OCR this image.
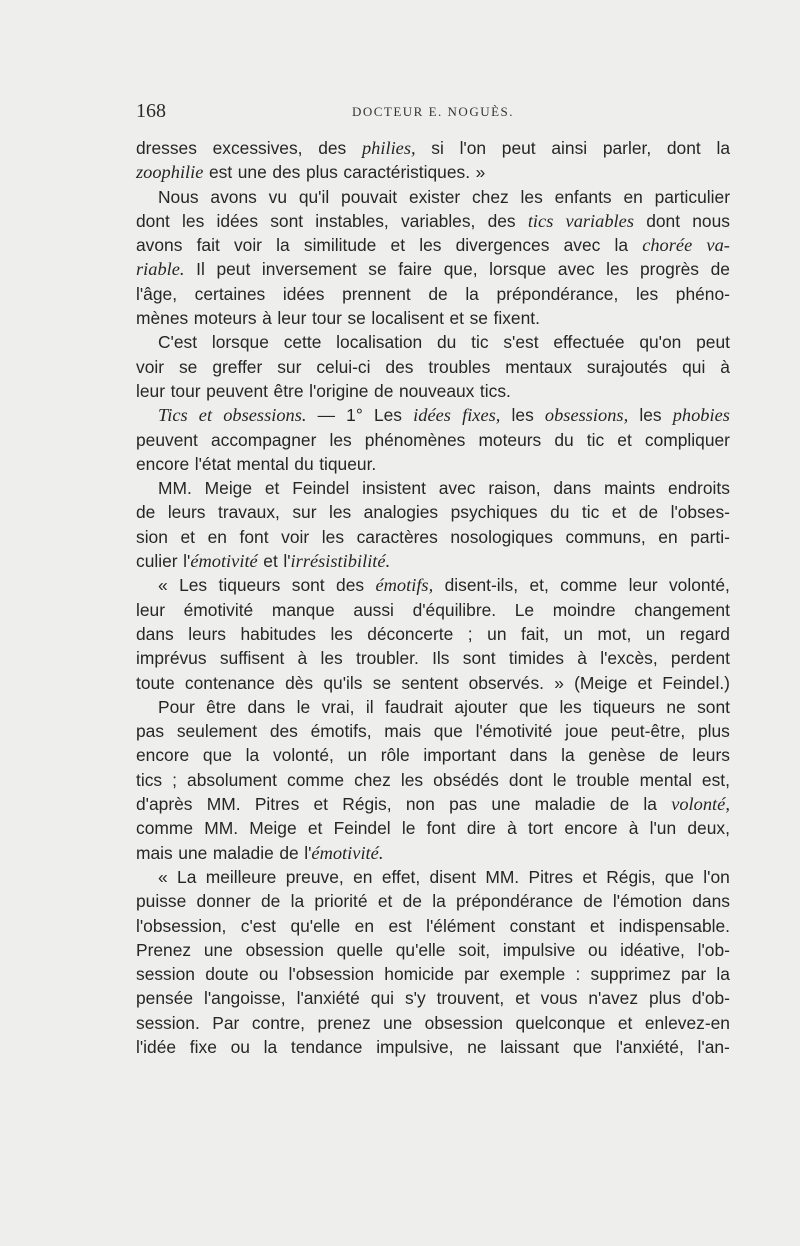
168	DOCTEUR E. NOGUÈS.
dresses excessives, des philies, si l'on peut ainsi parler, dont la
zoophilie est une des plus caractéristiques. »
Nous avons vu qu'il pouvait exister chez les enfants en particulier
dont les idées sont instables, variables, des tics variables dont nous
avons fait voir la similitude et les divergences avec la chorée va-
riable. Il peut inversement se faire que, lorsque avec les progrès de
l'âge, certaines idées prennent de la prépondérance, les phéno-
mènes moteurs à leur tour se localisent et se fixent.
C'est lorsque cette localisation du tic s'est effectuée qu'on peut
voir se greffer sur celui-ci des troubles mentaux surajoutés qui à
leur tour peuvent être l'origine de nouveaux tics.
Tics et obsessions. — 1° Les idées fixes, les obsessions, les phobies
peuvent accompagner les phénomènes moteurs du tic et compliquer
encore l'état mental du tiqueur.
MM. Meige et Feindel insistent avec raison, dans maints endroits
de leurs travaux, sur les analogies psychiques du tic et de l'obses-
sion et en font voir les caractères nosologiques communs, en parti-
culier l'émotivité et l'irrésistibilité.
« Les tiqueurs sont des émotifs, disent-ils, et, comme leur volonté,
leur émotivité manque aussi d'équilibre. Le moindre changement
dans leurs habitudes les déconcerte ; un fait, un mot, un regard
imprévus suffisent à les troubler. Ils sont timides à l'excès, perdent
toute contenance dès qu'ils se sentent observés. » (Meige et Feindel.)
Pour être dans le vrai, il faudrait ajouter que les tiqueurs ne sont
pas seulement des émotifs, mais que l'émotivité joue peut-être, plus
encore que la volonté, un rôle important dans la genèse de leurs
tics ; absolument comme chez les obsédés dont le trouble mental est,
d'après MM. Pitres et Régis, non pas une maladie de la volonté,
comme MM. Meige et Feindel le font dire à tort encore à l'un deux,
mais une maladie de l'émotivité.
« La meilleure preuve, en effet, disent MM. Pitres et Régis, que l'on
puisse donner de la priorité et de la prépondérance de l'émotion dans
l'obsession, c'est qu'elle en est l'élément constant et indispensable.
Prenez une obsession quelle qu'elle soit, impulsive ou idéative, l'ob-
session doute ou l'obsession homicide par exemple : supprimez par la
pensée l'angoisse, l'anxiété qui s'y trouvent, et vous n'avez plus d'ob-
session. Par contre, prenez une obsession quelconque et enlevez-en
l'idée fixe ou la tendance impulsive, ne laissant que l'anxiété, l'an-
